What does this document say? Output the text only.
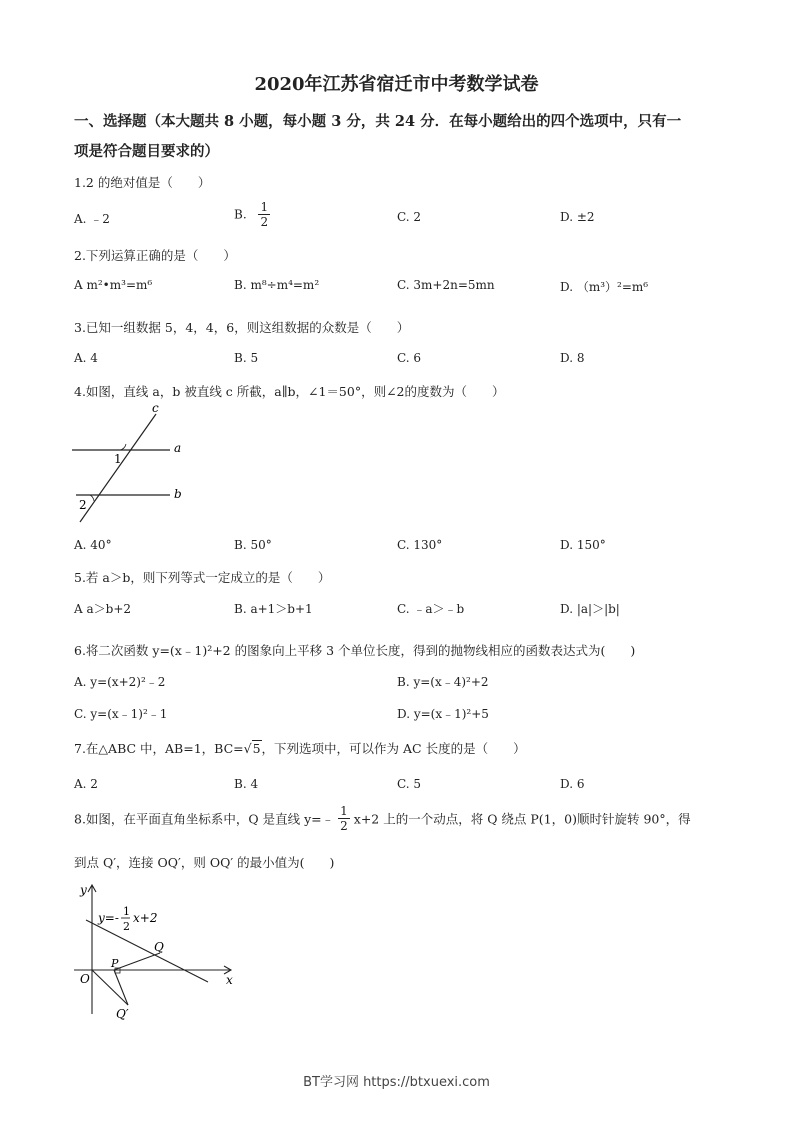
2020年江苏省宿迁市中考数学试卷
一、选择题（本大题共 8 小题，每小题 3 分，共 24 分．在每小题给出的四个选项中，只有一
项是符合题目要求的）
1.2 的绝对值是（　　）
A. ﹣2	B. $\frac{1}{2}$	C. 2	D. ±2
2.下列运算正确的是（　　）
A m²•m³=m⁶	B. m⁸÷m⁴=m²	C. 3m+2n=5mn	D. （m³）²=m⁶
3.已知一组数据 5，4，4，6，则这组数据的众数是（　　）
A. 4	B. 5	C. 6	D. 8
4.如图，直线 a，b 被直线 c 所截，a∥b，∠1＝50°，则∠2的度数为（　　）
c
a
b
1
2
A. 40°	B. 50°	C. 130°	D. 150°
5.若 a＞b，则下列等式一定成立的是（　　）
A a＞b+2	B. a+1＞b+1	C. ﹣a＞﹣b	D. |a|＞|b|
6.将二次函数 y=(x﹣1)²+2 的图象向上平移 3 个单位长度，得到的抛物线相应的函数表达式为(　　)
A. y=(x+2)²﹣2	B. y=(x﹣4)²+2
C. y=(x﹣1)²﹣1	D. y=(x﹣1)²+5
7.在△ABC 中，AB=1，BC=√5，下列选项中，可以作为 AC 长度的是（　　）
A. 2	B. 4	C. 5	D. 6
8.如图，在平面直角坐标系中，Q 是直线 y=﹣ $\frac{1}{2} x+2$ 上的一个动点，将 Q 绕点 P(1，0)顺时针旋转 90°，得
到点 Q′，连接 OQ′，则 OQ′ 的最小值为(　　)
y
x
O
P
Q
Q′
y=- 1
2
x+2
BT学习网 https://btxuexi.com
